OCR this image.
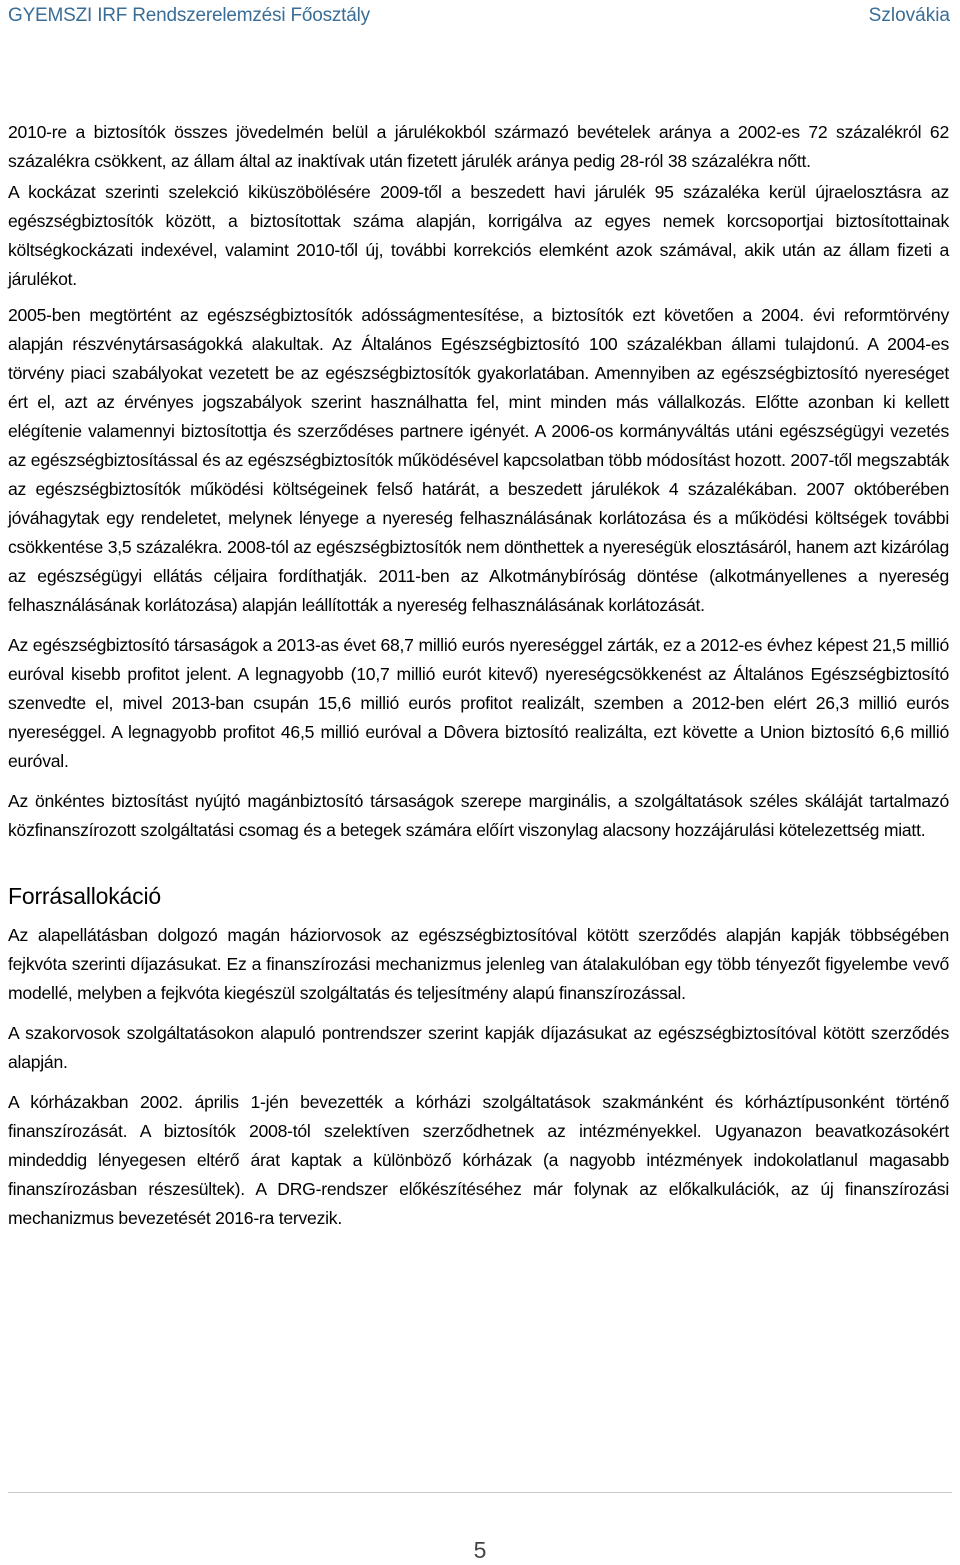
GYEMSZI IRF Rendszerelemzési Főosztály	Szlovákia

2010-re a biztosítók összes jövedelmén belül a járulékokból származó bevételek aránya a 2002-es 72 százalékról 62 százalékra csökkent, az állam által az inaktívak után fizetett járulék aránya pedig 28-ról 38 százalékra nőtt.

A kockázat szerinti szelekció kiküszöbölésére 2009-től a beszedett havi járulék 95 százaléka kerül újraelosztásra az egészségbiztosítók között, a biztosítottak száma alapján, korrigálva az egyes nemek korcsoportjai biztosítottainak költségkockázati indexével, valamint 2010-től új, további korrekciós elemként azok számával, akik után az állam fizeti a járulékot.

2005-ben megtörtént az egészségbiztosítók adósságmentesítése, a biztosítók ezt követően a 2004. évi reformtörvény alapján részvénytársaságokká alakultak. Az Általános Egészségbiztosító 100 százalékban állami tulajdonú. A 2004-es törvény piaci szabályokat vezetett be az egészségbiztosítók gyakorlatában. Amennyiben az egészségbiztosító nyereséget ért el, azt az érvényes jogszabályok szerint használhatta fel, mint minden más vállalkozás. Előtte azonban ki kellett elégítenie valamennyi biztosítottja és szerződéses partnere igényét. A 2006-os kormányváltás utáni egészségügyi vezetés az egészségbiztosítással és az egészségbiztosítók működésével kapcsolatban több módosítást hozott. 2007-től megszabták az egészségbiztosítók működési költségeinek felső határát, a beszedett járulékok 4 százalékában. 2007 októberében jóváhagytak egy rendeletet, melynek lényege a nyereség felhasználásának korlátozása és a működési költségek további csökkentése 3,5 százalékra. 2008-tól az egészségbiztosítók nem dönthettek a nyereségük elosztásáról, hanem azt kizárólag az egészségügyi ellátás céljaira fordíthatják. 2011-ben az Alkotmánybíróság döntése (alkotmányellenes a nyereség felhasználásának korlátozása) alapján leállították a nyereség felhasználásának korlátozását.

Az egészségbiztosító társaságok a 2013-as évet 68,7 millió eurós nyereséggel zárták, ez a 2012-es évhez képest 21,5 millió euróval kisebb profitot jelent. A legnagyobb (10,7 millió eurót kitevő) nyereségcsökkenést az Általános Egészségbiztosító szenvedte el, mivel 2013-ban csupán 15,6 millió eurós profitot realizált, szemben a 2012-ben elért 26,3 millió eurós nyereséggel. A legnagyobb profitot 46,5 millió euróval a Dôvera biztosító realizálta, ezt követte a Union biztosító 6,6 millió euróval.

Az önkéntes biztosítást nyújtó magánbiztosító társaságok szerepe marginális, a szolgáltatások széles skáláját tartalmazó közfinanszírozott szolgáltatási csomag és a betegek számára előírt viszonylag alacsony hozzájárulási kötelezettség miatt.

Forrásallokáció

Az alapellátásban dolgozó magán háziorvosok az egészségbiztosítóval kötött szerződés alapján kapják többségében fejkvóta szerinti díjazásukat. Ez a finanszírozási mechanizmus jelenleg van átalakulóban egy több tényezőt figyelembe vevő modellé, melyben a fejkvóta kiegészül szolgáltatás és teljesítmény alapú finanszírozással.

A szakorvosok szolgáltatásokon alapuló pontrendszer szerint kapják díjazásukat az egészségbiztosítóval kötött szerződés alapján.

A kórházakban 2002. április 1-jén bevezették a kórházi szolgáltatások szakmánként és kórháztípusonként történő finanszírozását. A biztosítók 2008-tól szelektíven szerződhetnek az intézményekkel. Ugyanazon beavatkozásokért mindeddig lényegesen eltérő árat kaptak a különböző kórházak (a nagyobb intézmények indokolatlanul magasabb finanszírozásban részesültek). A DRG-rendszer előkészítéséhez már folynak az előkalkulációk, az új finanszírozási mechanizmus bevezetését 2016-ra tervezik.

5
